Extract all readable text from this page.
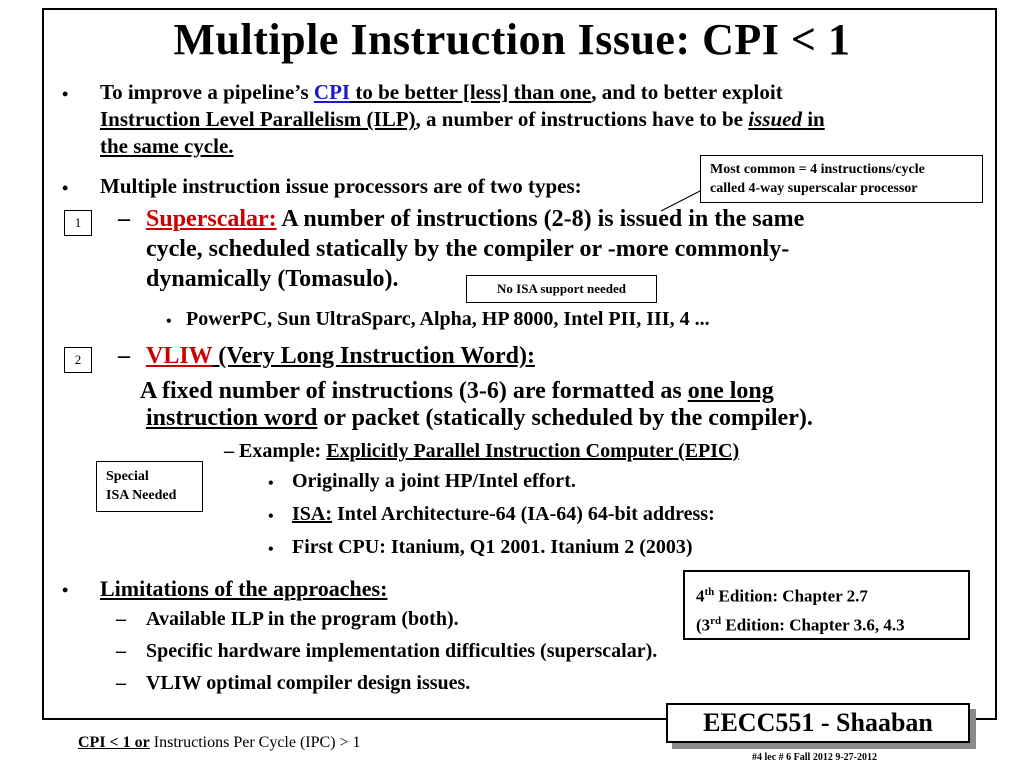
Multiple Instruction Issue: CPI < 1
• To improve a pipeline’s CPI to be better [less] than one, and to better exploit
Instruction Level Parallelism (ILP), a number of instructions have to be issued in
the same cycle.
• Multiple instruction issue processors are of two types:
Most common = 4 instructions/cycle
called 4-way superscalar processor
1	– Superscalar: A number of instructions (2-8) is issued in the same
cycle, scheduled statically by the compiler or -more commonly-
dynamically (Tomasulo).	No ISA support needed
• PowerPC, Sun UltraSparc, Alpha, HP 8000, Intel PII, III, 4 ...
2	– VLIW (Very Long Instruction Word):
A fixed number of instructions (3-6) are formatted as one long
instruction word or packet (statically scheduled by the compiler).
– Example: Explicitly Parallel Instruction Computer (EPIC)
• Originally a joint HP/Intel effort.
• ISA: Intel Architecture-64 (IA-64) 64-bit address:
• First CPU: Itanium, Q1 2001. Itanium 2 (2003)
Special
ISA Needed
• Limitations of the approaches:
– Available ILP in the program (both).
– Specific hardware implementation difficulties (superscalar).
– VLIW optimal compiler design issues.
4th Edition: Chapter 2.7
(3rd Edition: Chapter 3.6, 4.3
EECC551 - Shaaban
CPI < 1 or Instructions Per Cycle (IPC) > 1
#4 lec # 6 Fall 2012 9-27-2012
